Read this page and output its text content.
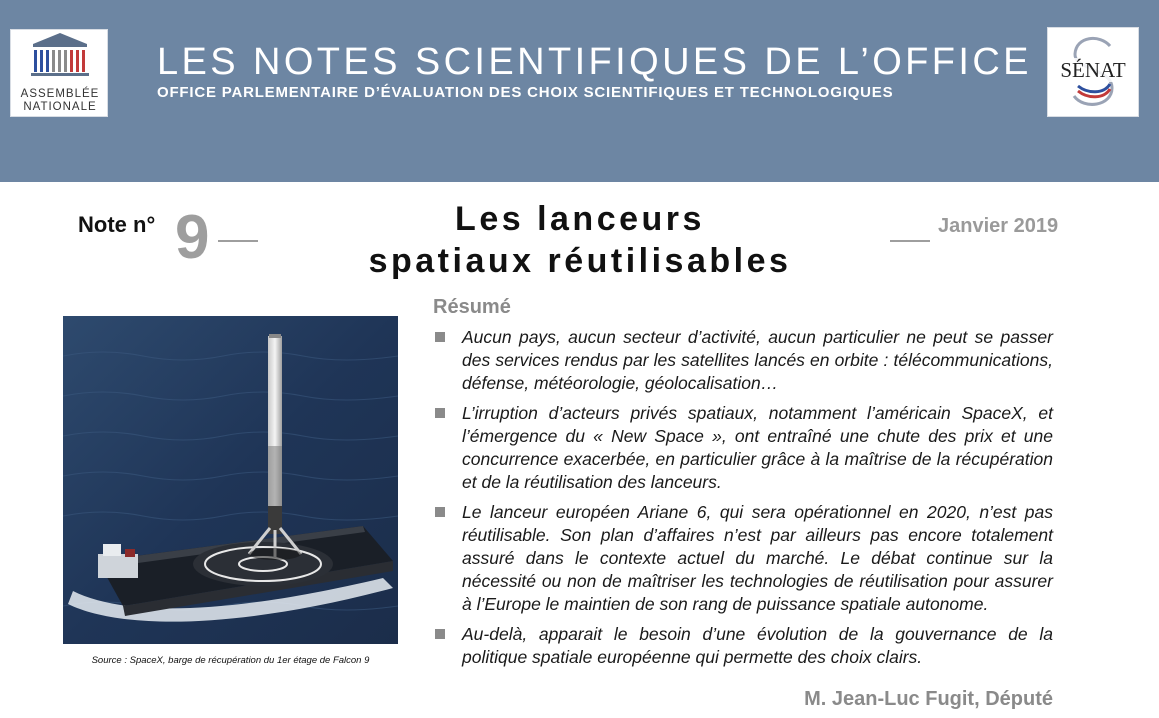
ASSEMBLÉE
NATIONALE
LES NOTES SCIENTIFIQUES DE L’OFFICE
OFFICE PARLEMENTAIRE D’ÉVALUATION DES CHOIX SCIENTIFIQUES ET TECHNOLOGIQUES
SÉNAT
Note n° 9	Les lanceurs
spatiaux réutilisables
Janvier 2019
Source : SpaceX, barge de récupération du 1er étage de Falcon 9
Résumé
Aucun pays, aucun secteur d’activité, aucun particulier ne peut se passer des services rendus par les satellites lancés en orbite : télécommunications, défense, météorologie, géolocalisation…
L’irruption d’acteurs privés spatiaux, notamment l’américain SpaceX, et l’émergence du « New Space », ont entraîné une chute des prix et une concurrence exacerbée, en particulier grâce à la maîtrise de la récupération et de la réutilisation des lanceurs.
Le lanceur européen Ariane 6, qui sera opérationnel en 2020, n’est pas réutilisable. Son plan d’affaires n’est par ailleurs pas encore totalement assuré dans le contexte actuel du marché. Le débat continue sur la nécessité ou non de maîtriser les technologies de réutilisation pour assurer à l’Europe le maintien de son rang de puissance spatiale autonome.
Au-delà, apparait le besoin d’une évolution de la gouvernance de la politique spatiale européenne qui permette des choix clairs.
M. Jean-Luc Fugit, Député
